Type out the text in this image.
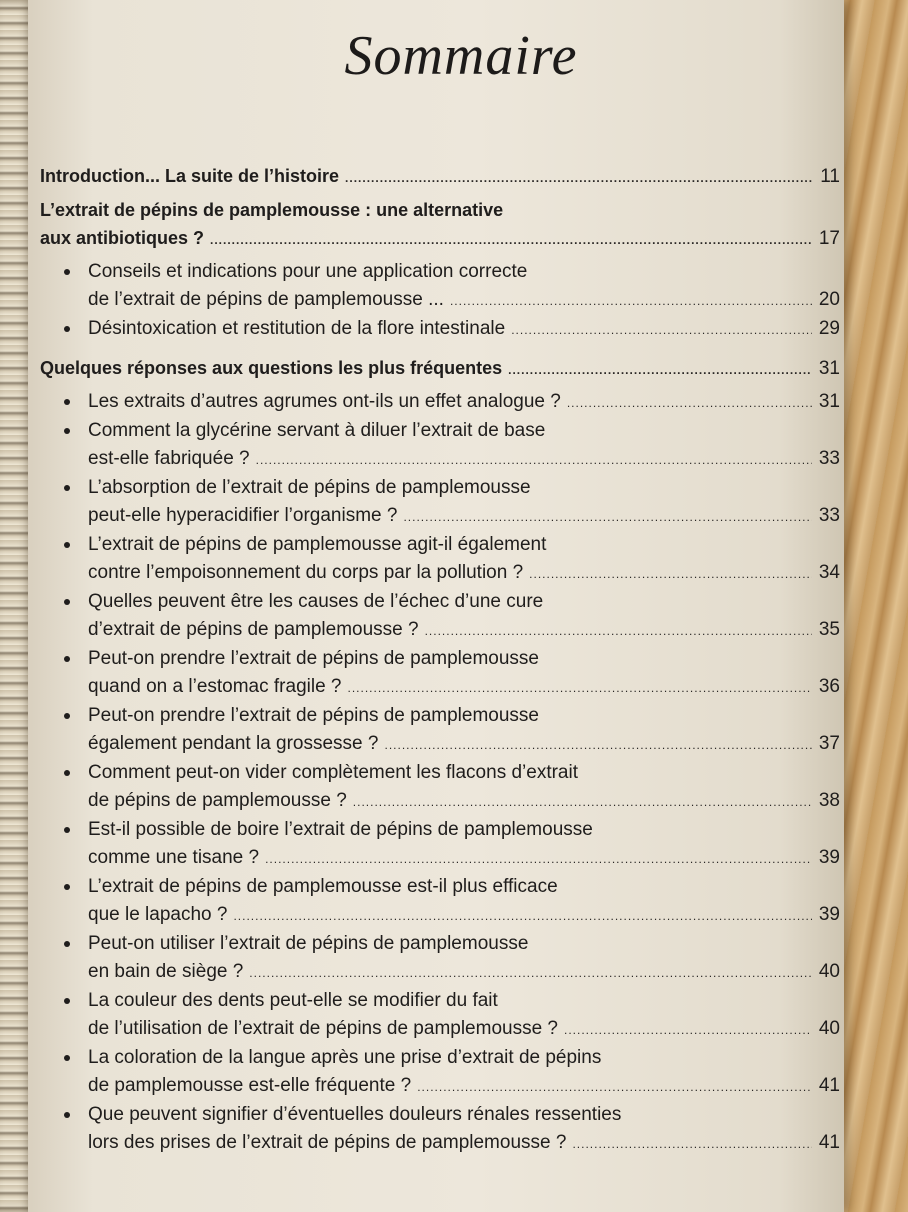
Sommaire
Introduction... La suite de l’histoire .....	11
L’extrait de pépins de pamplemousse : une alternative
aux antibiotiques ? .....	17
Conseils et indications pour une application correcte
de l’extrait de pépins de pamplemousse ... .....	20
Désintoxication et restitution de la flore intestinale .....	29
Quelques réponses aux questions les plus fréquentes .....	31
Les extraits d’autres agrumes ont-ils un effet analogue ? .....	31
Comment la glycérine servant à diluer l’extrait de base
est-elle fabriquée ? .....	33
L’absorption de l’extrait de pépins de pamplemousse
peut-elle hyperacidifier l’organisme ? .....	33
L’extrait de pépins de pamplemousse agit-il également
contre l’empoisonnement du corps par la pollution ? .....	34
Quelles peuvent être les causes de l’échec d’une cure
d’extrait de pépins de pamplemousse ? .....	35
Peut-on prendre l’extrait de pépins de pamplemousse
quand on a l’estomac fragile ? .....	36
Peut-on prendre l’extrait de pépins de pamplemousse
également pendant la grossesse ? .....	37
Comment peut-on vider complètement les flacons d’extrait
de pépins de pamplemousse ? .....	38
Est-il possible de boire l’extrait de pépins de pamplemousse
comme une tisane ? .....	39
L’extrait de pépins de pamplemousse est-il plus efficace
que le lapacho ? .....	39
Peut-on utiliser l’extrait de pépins de pamplemousse
en bain de siège ? .....	40
La couleur des dents peut-elle se modifier du fait
de l’utilisation de l’extrait de pépins de pamplemousse ? .....	40
La coloration de la langue après une prise d’extrait de pépins
de pamplemousse est-elle fréquente ? .....	41
Que peuvent signifier d’éventuelles douleurs rénales ressenties
lors des prises de l’extrait de pépins de pamplemousse ? .....	41
